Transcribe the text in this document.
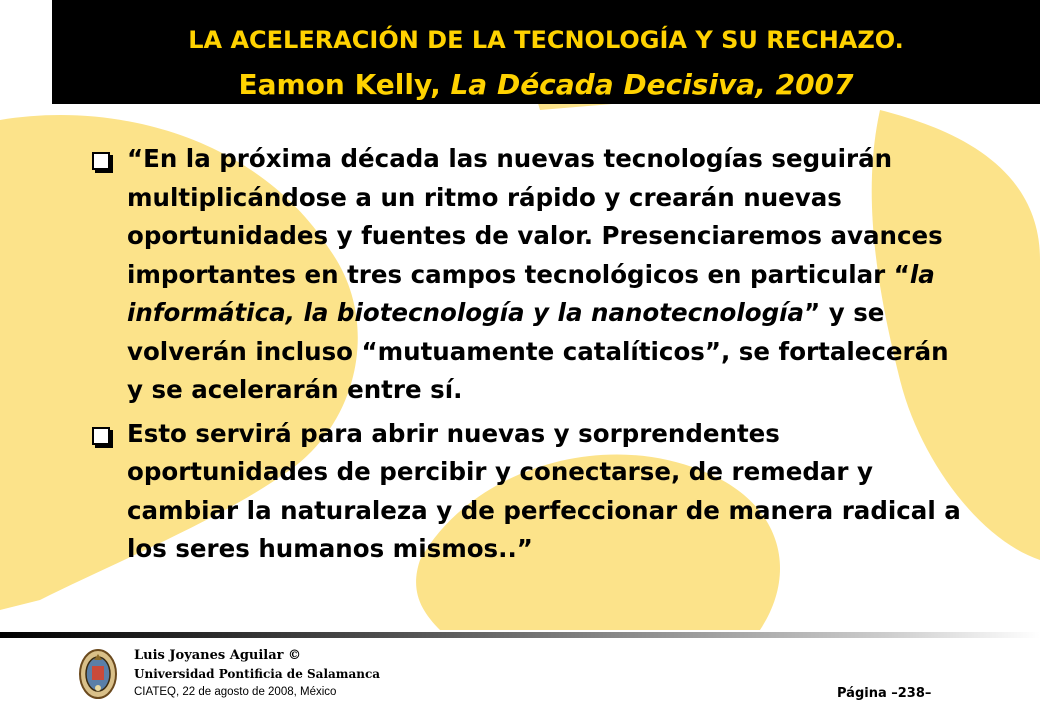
LA ACELERACIÓN DE LA TECNOLOGÍA Y SU RECHAZO.
Eamon Kelly, La Década Decisiva, 2007
“En la próxima década las nuevas tecnologías seguirán multiplicándose a un ritmo rápido y crearán nuevas oportunidades y fuentes de valor. Presenciaremos avances importantes en tres campos tecnológicos en particular “la informática, la biotecnología y la nanotecnología” y se volverán incluso “mutuamente catalíticos”, se fortalecerán y se acelerarán entre sí.
Esto servirá para abrir nuevas y sorprendentes oportunidades de percibir y conectarse, de remedar y cambiar la naturaleza y de perfeccionar de manera radical a los seres humanos mismos..”
Luis Joyanes Aguilar ©
Universidad Pontificia de Salamanca
CIATEQ, 22 de agosto de 2008, México	Página –238–
